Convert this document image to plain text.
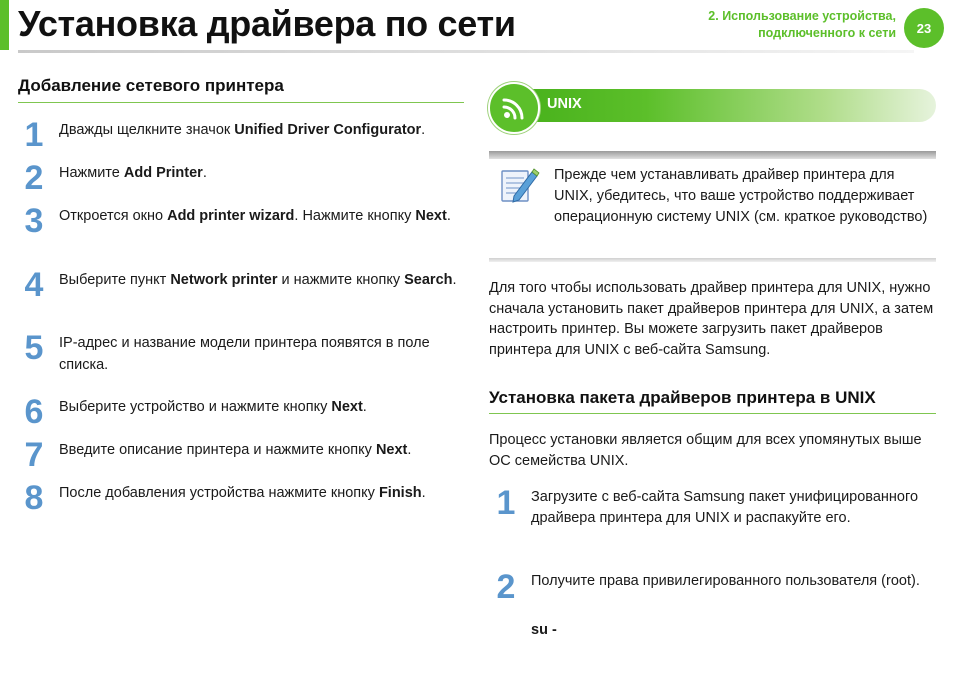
Установка драйвера по сети	2. Использование устройства,
подключенного к сети	23
Добавление сетевого принтера
1	Дважды щелкните значок Unified Driver Configurator.
2	Нажмите Add Printer.
3	Откроется окно Add printer wizard. Нажмите кнопку Next.
4	Выберите пункт Network printer и нажмите кнопку Search.
5	IP-адрес и название модели принтера появятся в поле списка.
6	Выберите устройство и нажмите кнопку Next.
7	Введите описание принтера и нажмите кнопку Next.
8	После добавления устройства нажмите кнопку Finish.
UNIX
Прежде чем устанавливать драйвер принтера для UNIX, убедитесь, что ваше устройство поддерживает операционную систему UNIX (см. краткое руководство)
Для того чтобы использовать драйвер принтера для UNIX, нужно сначала установить пакет драйверов принтера для UNIX, а затем настроить принтер. Вы можете загрузить пакет драйверов принтера для UNIX с веб-сайта Samsung.
Установка пакета драйверов принтера в UNIX
Процесс установки является общим для всех упомянутых выше ОС семейства UNIX.
1	Загрузите с веб-сайта Samsung пакет унифицированного драйвера принтера для UNIX и распакуйте его.
2	Получите права привилегированного пользователя (root).
su -
